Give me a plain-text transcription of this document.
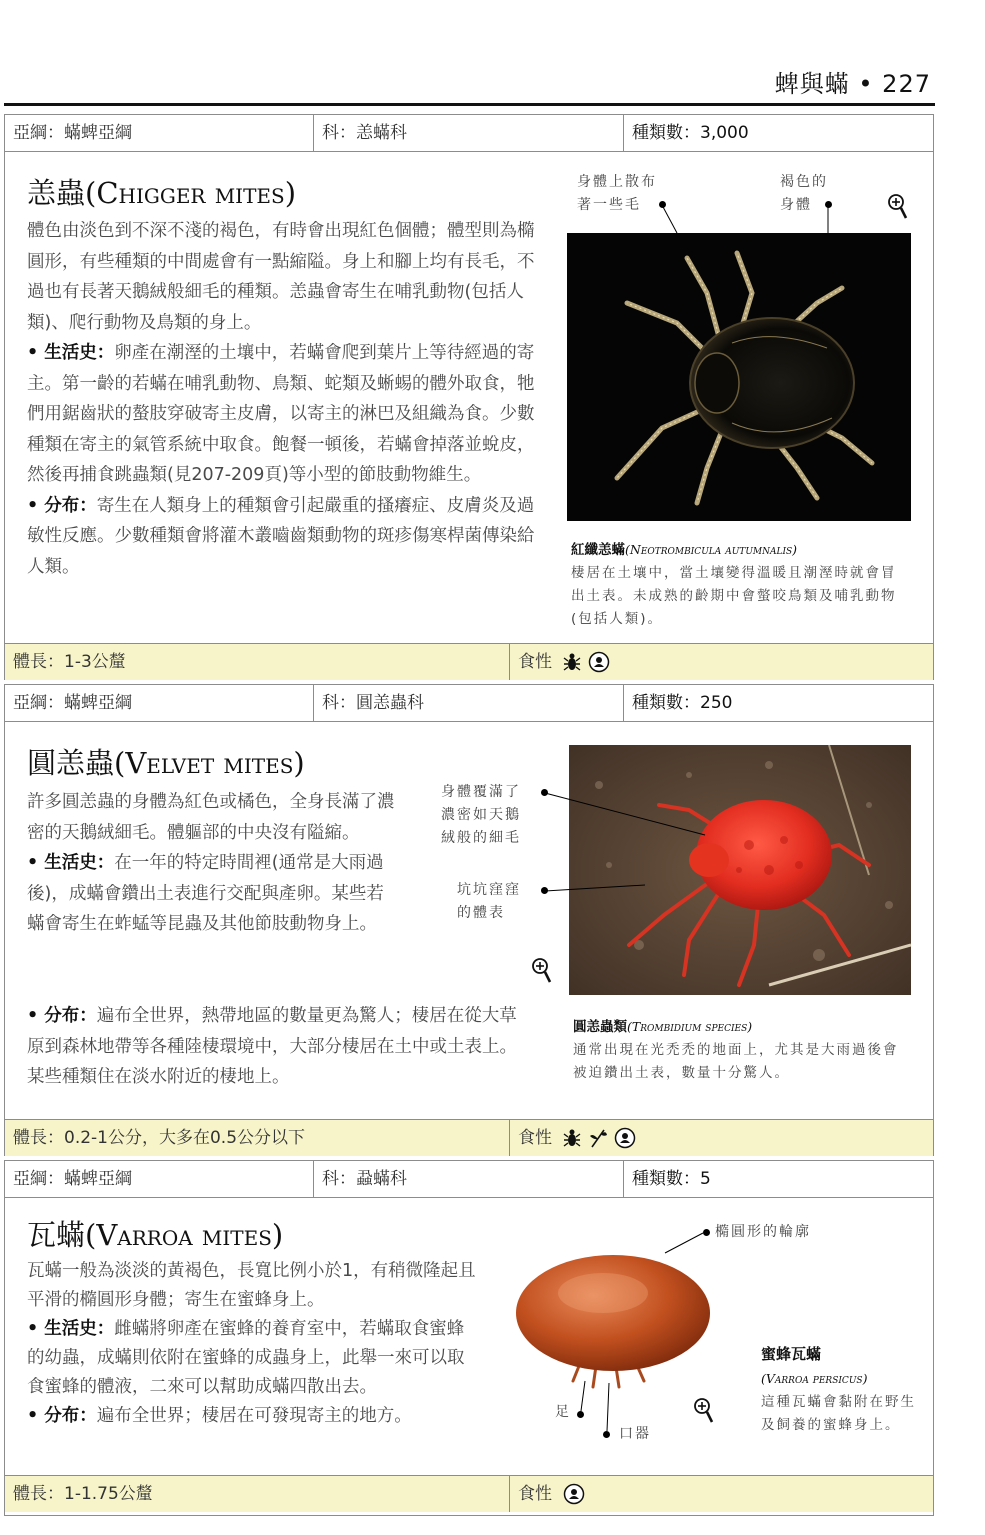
蜱與蟎 • 227
亞綱：蟎蜱亞綱	科：恙蟎科	種類數：3,000
恙蟲(Chigger mites)

體色由淡色到不深不淺的褐色，有時會出現紅色個體；體型則為橢圓形，有些種類的中間處會有一點縮隘。身上和腳上均有長毛，不過也有長著天鵝絨般細毛的種類。恙蟲會寄生在哺乳動物(包括人類)、爬行動物及鳥類的身上。

• 生活史：卵產在潮溼的土壤中，若蟎會爬到葉片上等待經過的寄主。第一齡的若蟎在哺乳動物、鳥類、蛇類及蜥蜴的體外取食，牠們用鋸齒狀的螯肢穿破寄主皮膚，以寄主的淋巴及組織為食。少數種類在寄主的氣管系統中取食。飽餐一頓後，若蟎會掉落並蛻皮，然後再捕食跳蟲類(見207-209頁)等小型的節肢動物維生。

• 分布：寄生在人類身上的種類會引起嚴重的搔癢症、皮膚炎及過敏性反應。少數種類會將灌木叢嚙齒類動物的斑疹傷寒桿菌傳染給人類。

身體上散布
著一些毛
褐色的
身體
紅纖恙蟎(Neotrombicula autumnalis)
棲居在土壤中，當土壤變得溫暖且潮溼時就會冒出土表。未成熟的齡期中會螫咬鳥類及哺乳動物(包括人類)。
體長：1-3公釐	食性
亞綱：蟎蜱亞綱	科：圓恙蟲科	種類數：250
圓恙蟲(Velvet mites)

許多圓恙蟲的身體為紅色或橘色，全身長滿了濃密的天鵝絨細毛。體軀部的中央沒有隘縮。

• 生活史：在一年的特定時間裡(通常是大雨過後)，成蟎會鑽出土表進行交配與產卵。某些若蟎會寄生在蚱蜢等昆蟲及其他節肢動物身上。

• 分布：遍布全世界，熱帶地區的數量更為驚人；棲居在從大草原到森林地帶等各種陸棲環境中，大部分棲居在土中或土表上。某些種類住在淡水附近的棲地上。

身體覆滿了
濃密如天鵝
絨般的細毛
坑坑窪窪
的體表
圓恙蟲類(Trombidium species)
通常出現在光禿禿的地面上，尤其是大雨過後會被迫鑽出土表，數量十分驚人。
體長：0.2-1公分，大多在0.5公分以下	食性
亞綱：蟎蜱亞綱	科：蝨蟎科	種類數：5
瓦蟎(Varroa mites)

瓦蟎一般為淡淡的黃褐色，長寬比例小於1，有稍微隆起且平滑的橢圓形身體；寄生在蜜蜂身上。

• 生活史：雌蟎將卵產在蜜蜂的養育室中，若蟎取食蜜蜂的幼蟲，成蟎則依附在蜜蜂的成蟲身上，此舉一來可以取食蜜蜂的體液，二來可以幫助成蟎四散出去。

• 分布：遍布全世界；棲居在可發現寄主的地方。

橢圓形的輪廓
足
口器
蜜蜂瓦蟎
(Varroa persicus)
這種瓦蟎會黏附在野生及飼養的蜜蜂身上。
體長：1-1.75公釐	食性
